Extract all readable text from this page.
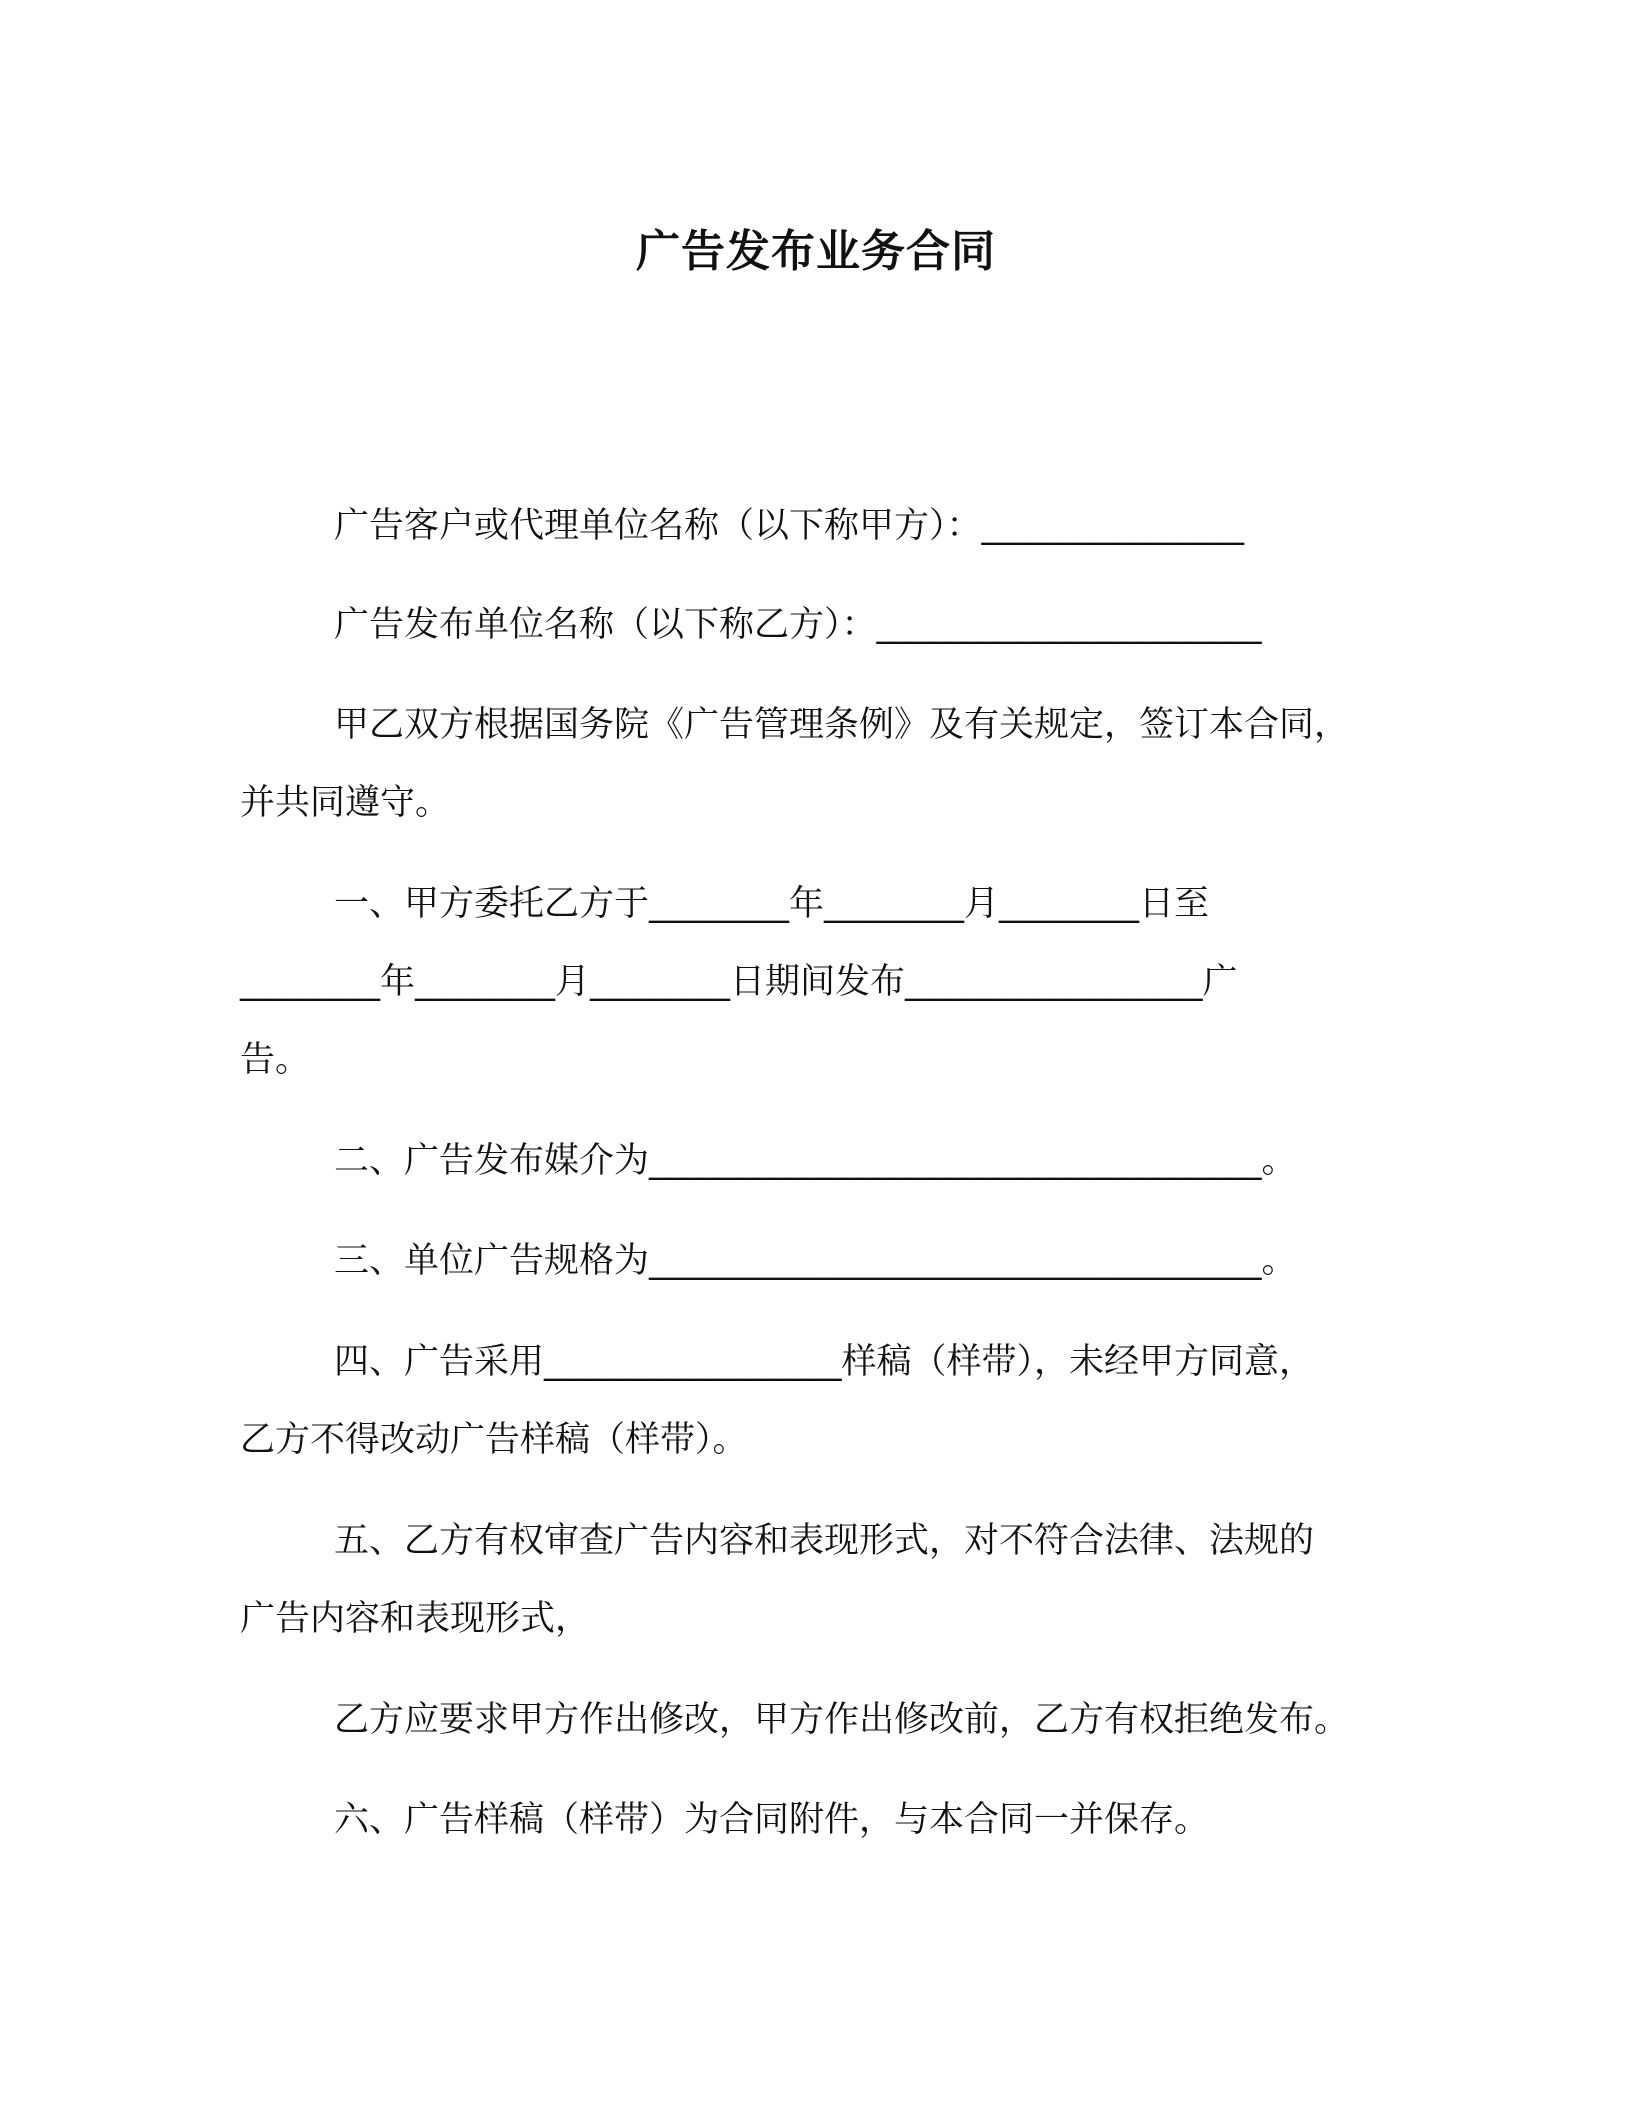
广告发布业务合同
广告客户或代理单位名称（以下称甲方）：_______________
广告发布单位名称（以下称乙方）：______________________
甲乙双方根据国务院《广告管理条例》及有关规定，签订本合同，
并共同遵守。
一、甲方委托乙方于________年________月________日至
________年________月________日期间发布_________________广
告。
二、广告发布媒介为___________________________________。
三、单位广告规格为___________________________________。
四、广告采用_________________样稿（样带），未经甲方同意，
乙方不得改动广告样稿（样带）。
五、乙方有权审查广告内容和表现形式，对不符合法律、法规的
广告内容和表现形式，
乙方应要求甲方作出修改，甲方作出修改前，乙方有权拒绝发布。
六、广告样稿（样带）为合同附件，与本合同一并保存。
